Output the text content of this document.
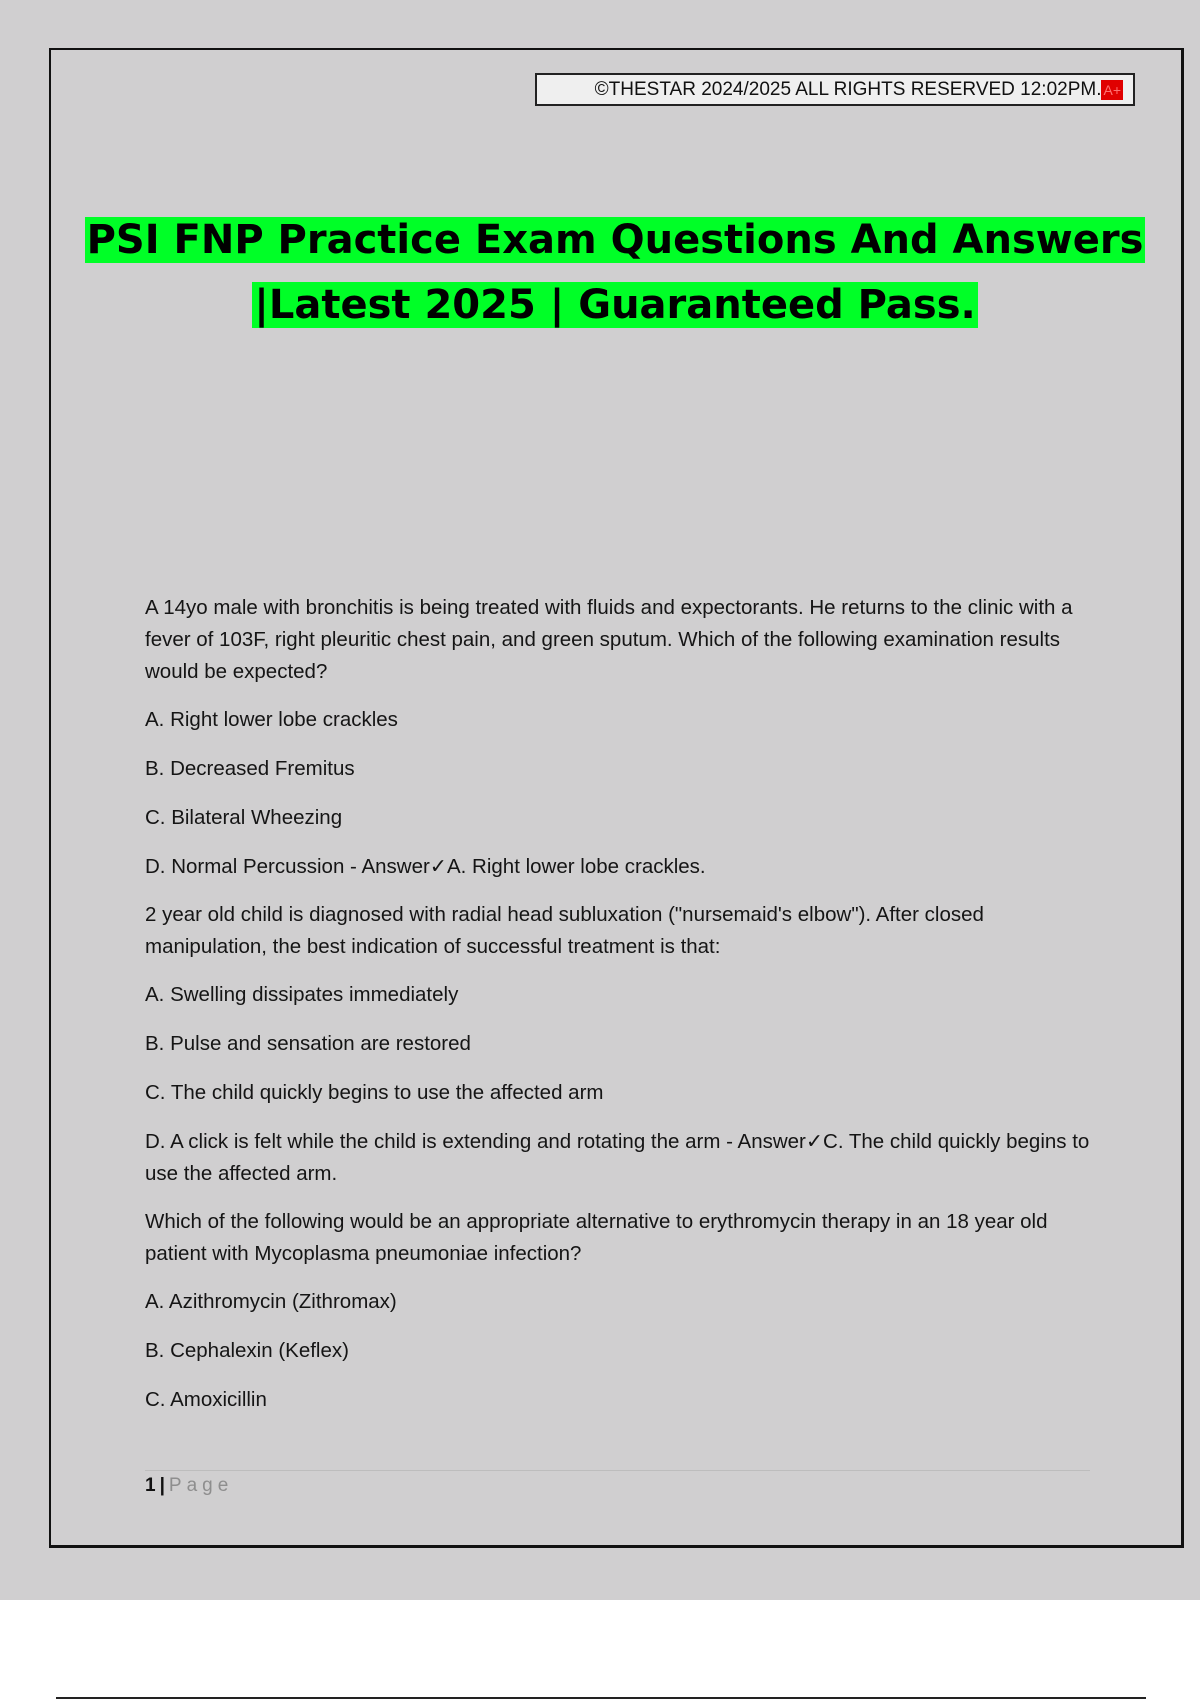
©THESTAR 2024/2025 ALL RIGHTS RESERVED 12:02PM. A+
PSI FNP Practice Exam Questions And Answers
|Latest 2025 | Guaranteed Pass.

A 14yo male with bronchitis is being treated with fluids and expectorants. He returns to the clinic with a fever of 103F, right pleuritic chest pain, and green sputum. Which of the following examination results would be expected?

A. Right lower lobe crackles

B. Decreased Fremitus

C. Bilateral Wheezing

D. Normal Percussion - Answer✓A. Right lower lobe crackles.

2 year old child is diagnosed with radial head subluxation ("nursemaid's elbow"). After closed manipulation, the best indication of successful treatment is that:

A. Swelling dissipates immediately

B. Pulse and sensation are restored

C. The child quickly begins to use the affected arm

D. A click is felt while the child is extending and rotating the arm - Answer✓C. The child quickly begins to use the affected arm.

Which of the following would be an appropriate alternative to erythromycin therapy in an 18 year old patient with Mycoplasma pneumoniae infection?

A. Azithromycin (Zithromax)

B. Cephalexin (Keflex)

C. Amoxicillin

1 | Page
